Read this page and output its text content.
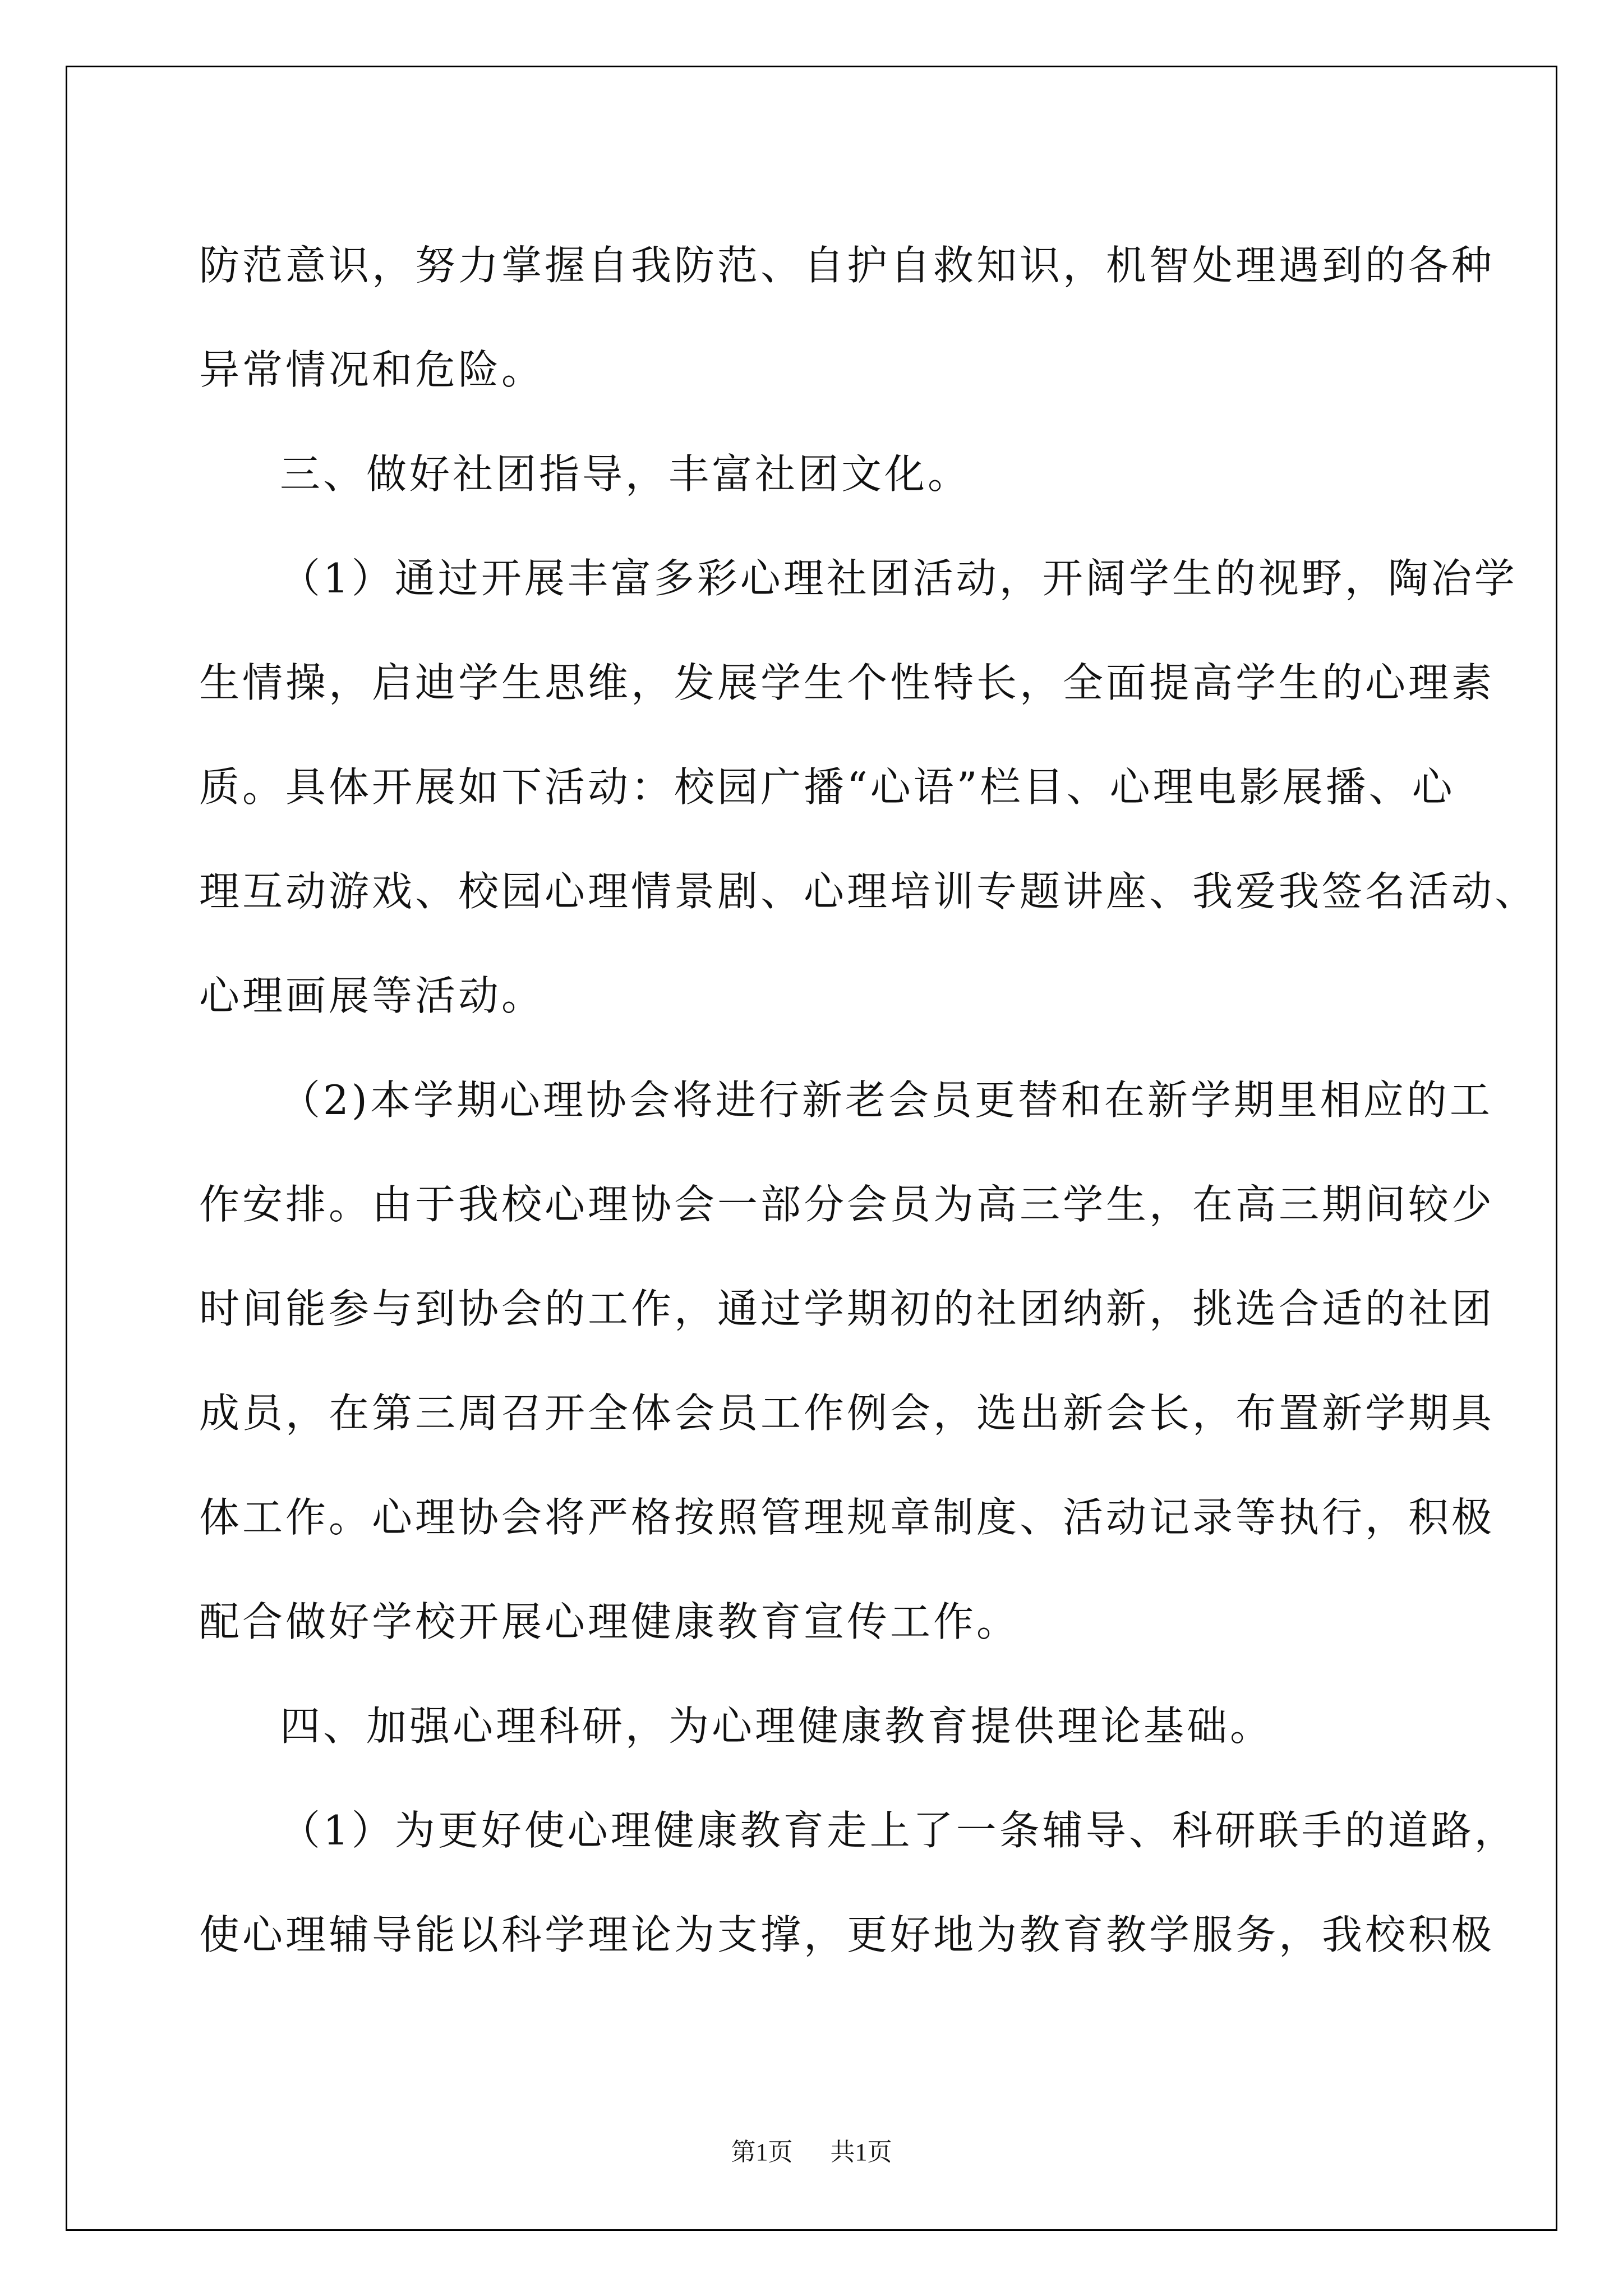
防范意识，努力掌握自我防范、自护自救知识，机智处理遇到的各种
异常情况和危险。
三、做好社团指导，丰富社团文化。
（1）通过开展丰富多彩心理社团活动，开阔学生的视野，陶冶学
生情操，启迪学生思维，发展学生个性特长，全面提高学生的心理素
质。具体开展如下活动：校园广播“心语”栏目、心理电影展播、心
理互动游戏、校园心理情景剧、心理培训专题讲座、我爱我签名活动、
心理画展等活动。
（2)本学期心理协会将进行新老会员更替和在新学期里相应的工
作安排。由于我校心理协会一部分会员为高三学生，在高三期间较少
时间能参与到协会的工作，通过学期初的社团纳新，挑选合适的社团
成员，在第三周召开全体会员工作例会，选出新会长，布置新学期具
体工作。心理协会将严格按照管理规章制度、活动记录等执行，积极
配合做好学校开展心理健康教育宣传工作。
四、加强心理科研，为心理健康教育提供理论基础。
（1）为更好使心理健康教育走上了一条辅导、科研联手的道路，
使心理辅导能以科学理论为支撑，更好地为教育教学服务，我校积极
第1页 共1页
